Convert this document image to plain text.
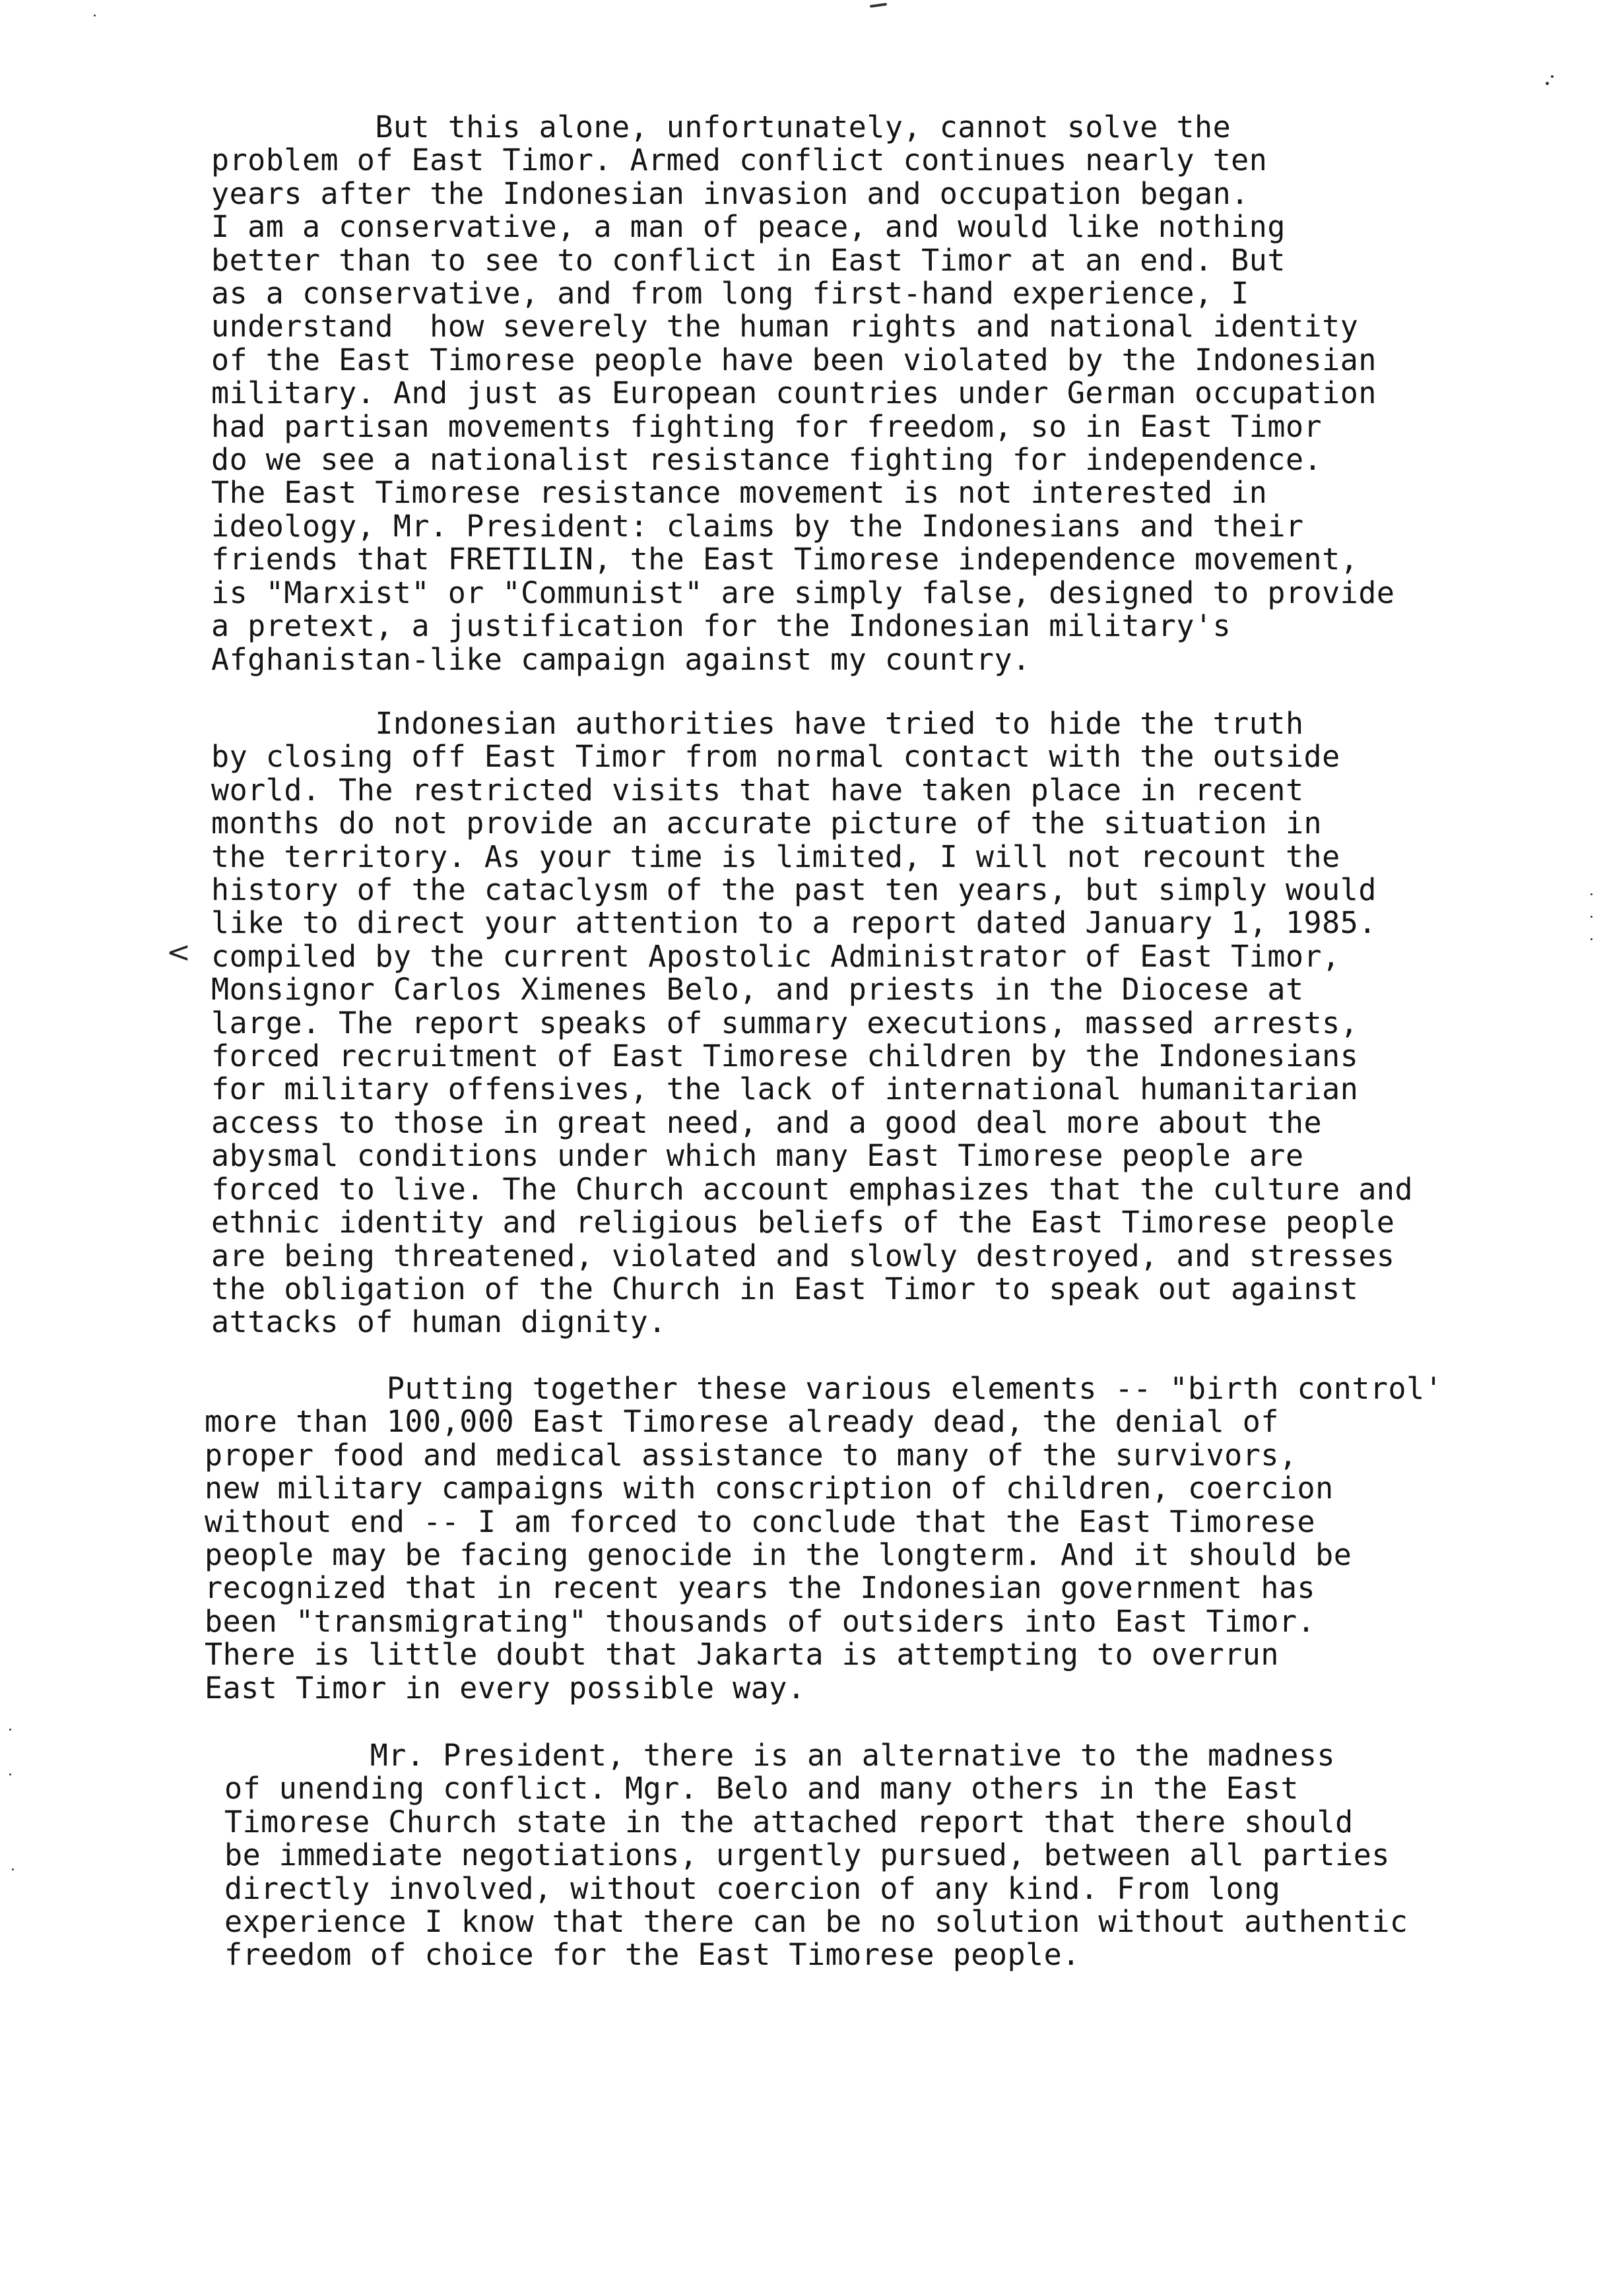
But this alone, unfortunately, cannot solve the
problem of East Timor. Armed conflict continues nearly ten
years after the Indonesian invasion and occupation began.
I am a conservative, a man of peace, and would like nothing
better than to see to conflict in East Timor at an end. But
as a conservative, and from long first-hand experience, I
understand  how severely the human rights and national identity
of the East Timorese people have been violated by the Indonesian
military. And just as European countries under German occupation
had partisan movements fighting for freedom, so in East Timor
do we see a nationalist resistance fighting for independence.
The East Timorese resistance movement is not interested in
ideology, Mr. President: claims by the Indonesians and their
friends that FRETILIN, the East Timorese independence movement,
is "Marxist" or "Communist" are simply false, designed to provide
a pretext, a justification for the Indonesian military's
Afghanistan-like campaign against my country.
Indonesian authorities have tried to hide the truth
by closing off East Timor from normal contact with the outside
world. The restricted visits that have taken place in recent
months do not provide an accurate picture of the situation in
the territory. As your time is limited, I will not recount the
history of the cataclysm of the past ten years, but simply would
like to direct your attention to a report dated January 1, 1985.
compiled by the current Apostolic Administrator of East Timor,
Monsignor Carlos Ximenes Belo, and priests in the Diocese at
large. The report speaks of summary executions, massed arrests,
forced recruitment of East Timorese children by the Indonesians
for military offensives, the lack of international humanitarian
access to those in great need, and a good deal more about the
abysmal conditions under which many East Timorese people are
forced to live. The Church account emphasizes that the culture and
ethnic identity and religious beliefs of the East Timorese people
are being threatened, violated and slowly destroyed, and stresses
the obligation of the Church in East Timor to speak out against
attacks of human dignity.
Putting together these various elements -- "birth control'
more than 100,000 East Timorese already dead, the denial of
proper food and medical assistance to many of the survivors,
new military campaigns with conscription of children, coercion
without end -- I am forced to conclude that the East Timorese
people may be facing genocide in the longterm. And it should be
recognized that in recent years the Indonesian government has
been "transmigrating" thousands of outsiders into East Timor.
There is little doubt that Jakarta is attempting to overrun
East Timor in every possible way.
Mr. President, there is an alternative to the madness
of unending conflict. Mgr. Belo and many others in the East
Timorese Church state in the attached report that there should
be immediate negotiations, urgently pursued, between all parties
directly involved, without coercion of any kind. From long
experience I know that there can be no solution without authentic
freedom of choice for the East Timorese people.
<
